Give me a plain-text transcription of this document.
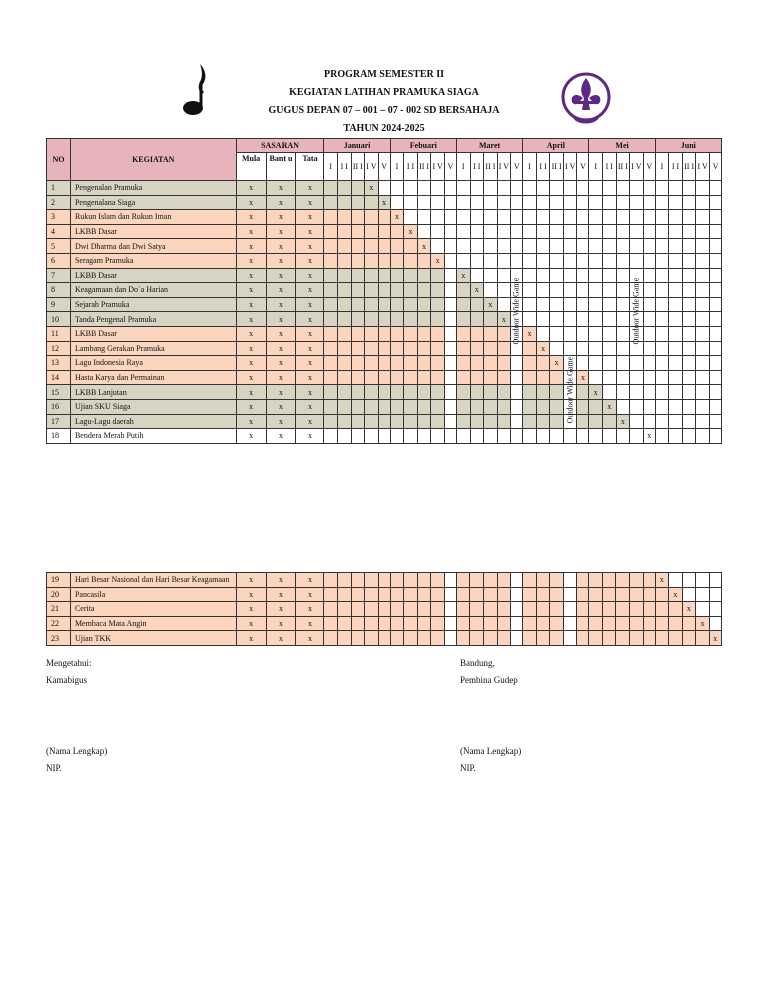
PROGRAM SEMESTER II
KEGIATAN LATIHAN PRAMUKA SIAGA
GUGUS DEPAN 07 – 001 – 07 - 002 SD BERSAHAJA
TAHUN 2024-2025
NO	KEGIATAN	SASARAN			Januari					Febuari					Maret					April					Mei					Juni				
		Mula	Bant u	Tata	I	I I	II I	I V	V	I	I I	II I	I V	V	I	I I	II I	I V	V	I	I I	II I	I V	V	I	I I	II I	I V	V	I	I I	II I	I V	V
1	Pengenalan Pramuka	x	x	x				x																										
2	Pengenalana Siaga	x	x	x					x																									
3	Rukun Islam dan Rukun Iman	x	x	x						x																								
4	LKBB Dasar	x	x	x							x																							
5	Dwi Dharma dan Dwi Satya	x	x	x								x																						
6	Seragam Pramuka	x	x	x									x																					
7	LKBB Dasar	x	x	x											x																			
8	Keagamaan dan Do`a Harian	x	x	x												x																		
9	Sejarah Pramuka	x	x	x													x																	
10	Tanda Pengenal Pramuka	x	x	x														x																
11	LKBB Dasar	x	x	x																x														
12	Lambang Gerakan Pramuka	x	x	x																	x													
13	Lagu Indonesia Raya	x	x	x																		x												
14	Hasta Karya dan Permainan	x	x	x																				x										
15	LKBB Lanjutan	x	x	x																					x									
16	Ujian SKU Siaga	x	x	x																						x								
17	Lagu-Lagu daerah	x	x	x																							x							
18	Bendera Merah Putih	x	x	x																									x					
19	Hari Besar Nasional dan Hari Besar Keagamaan	x	x	x																										x				
20	Pancasila	x	x	x																											x			
21	Cerita	x	x	x																												x		
22	Membaca Mata Angin	x	x	x																													x	
23	Ujian TKK	x	x	x																														x
Mengetahui:
Kamabigus
(Nama Lengkap)
NIP.
Bandung,
Pembina Gudep
(Nama Lengkap)
NIP.
Outdoor Wide Game
Outdoor Wide Game
Outdoor Wide Game
